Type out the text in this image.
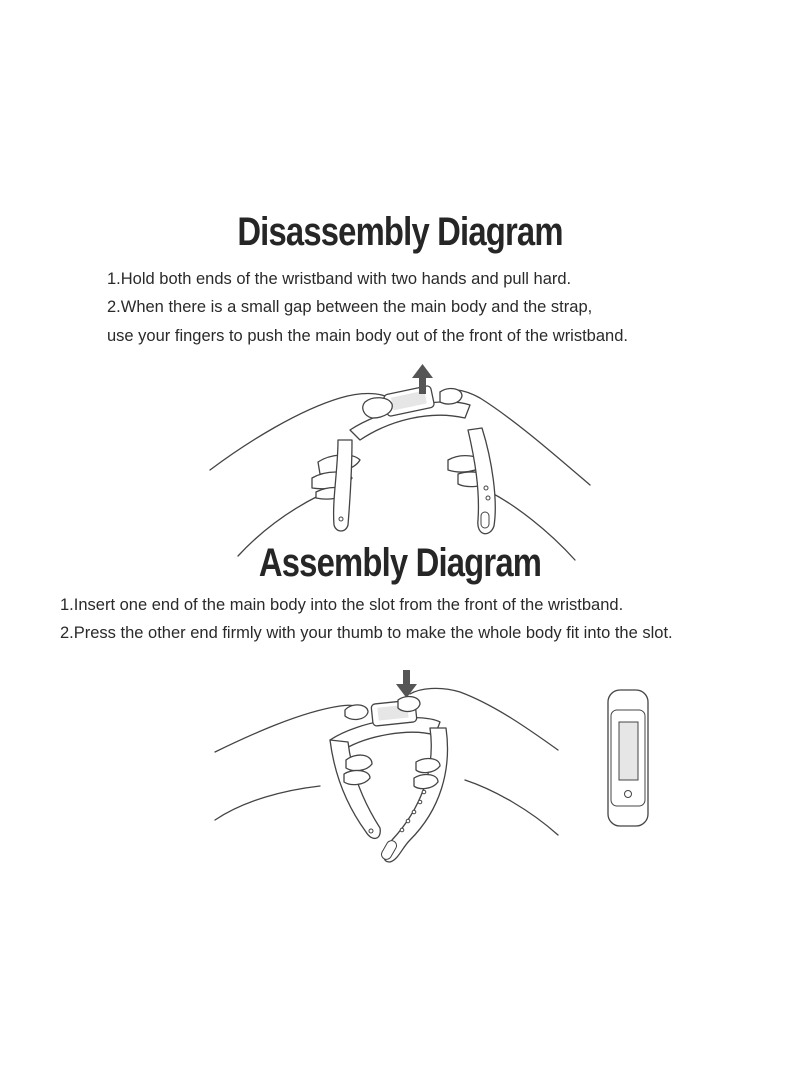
Disassembly Diagram
1.Hold both ends of the wristband with two hands and pull hard.
2.When there is a small gap between the main body and the strap,
use your fingers to push the main body out of the front of the wristband.
Assembly Diagram
1.Insert one end of the main body into the slot from the front of the wristband.
2.Press the other end firmly with your thumb to make the whole body fit into the slot.
